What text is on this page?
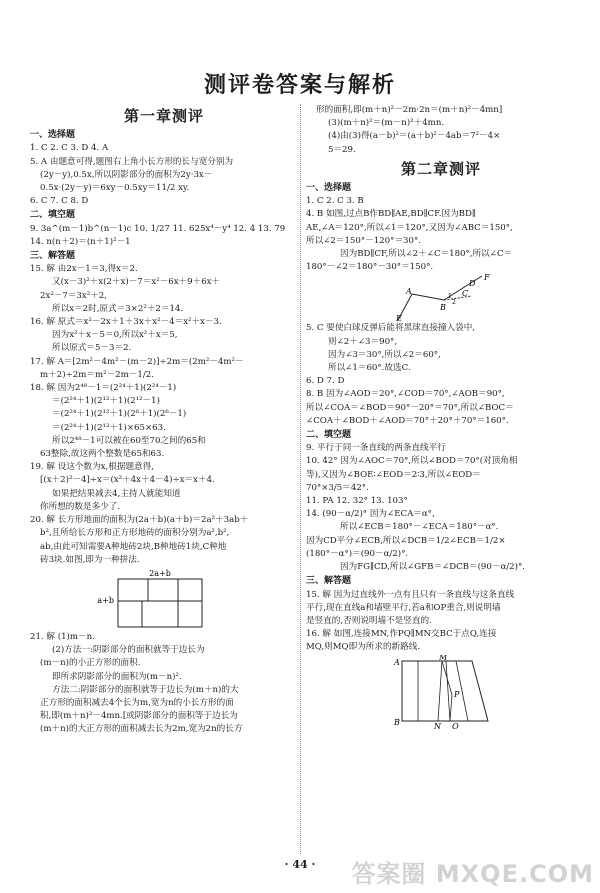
测评卷答案与解析
第一章测评
一、选择题
1. C 2. C 3. D 4. A
5. A 由题意可得,题图右上角小长方形的长与宽分别为
(2y－y),0.5x,所以阴影部分的面积为2y·3x－
0.5x·(2y－y)＝6xy－0.5xy＝11/2 xy.
6. C 7. C 8. D
二、填空题
9. 3a^(m－1)b^(n－1)c 10. 1/27 11. 625x⁴－y⁴ 12. 4 13. 79
14. n(n＋2)＝(n＋1)²－1
三、解答题
15. 解 由2x－1＝3,得x＝2.
又(x－3)²＋x(2＋x)－7＝x²－6x＋9＋6x＋
2x²－7＝3x²＋2,
所以x＝2时,原式＝3×2²＋2＝14.
16. 解 原式＝x²－2x＋1＋3x＋x²－4＝x²＋x－3.
因为x²＋x－5＝0,所以x²＋x＝5,
所以原式＝5－3＝2.
17. 解 A＝[2m²－4m²－(m－2)]÷2m＝(2m²－4m²－
m＋2)÷2m＝m²－2m－1/2.
18. 解 因为2⁴⁸－1＝(2²⁴＋1)(2²⁴－1)
＝(2²⁴＋1)(2¹²＋1)(2¹²－1)
＝(2²⁴＋1)(2¹²＋1)(2⁶＋1)(2⁶－1)
＝(2²⁴＋1)(2¹²＋1)×65×63.
所以2⁴⁸－1可以被在60至70之间的65和
63整除,故这两个整数是65和63.
19. 解 设这个数为x,根据题意得,
[(x＋2)²－4]÷x＝(x²＋4x＋4－4)÷x＝x＋4.
如果把结果减去4,主持人就能知道
你所想的数是多少了.
20. 解 长方形地面的面积为(2a＋b)(a＋b)＝2a²＋3ab＋
b²,且所给长方形和正方形地砖的面积分别为a²,b²,
ab,由此可知需要A种地砖2块,B种地砖1块,C种地
砖3块.如图,即为一种拼法.
2a+b
a+b
21. 解 (1)m－n.
(2)方法一:阴影部分的面积就等于边长为
(m－n)的小正方形的面积.
即所求阴影部分的面积为(m－n)².
方法二:阴影部分的面积就等于边长为(m＋n)的大
正方形的面积减去4个长为m,宽为n的小长方形的面
积,即(m＋n)²－4mn.[或阴影部分的面积等于边长为
(m＋n)的大正方形的面积减去长为2m,宽为2n的长方
形的面积,即(m＋n)²－2m·2n＝(m＋n)²－4mn]
(3)(m＋n)²＝(m－n)²＋4mn.
(4)由(3)得(a－b)²＝(a＋b)²－4ab＝7²－4×
5＝29.
第二章测评
一、选择题
1. C 2. C 3. B
4. B 如图,过点B作BD∥AE,BD∥CF.因为BD∥
AE,∠A＝120°,所以∠1＝120°,又因为∠ABC＝150°,
所以∠2＝150°－120°＝30°.
因为BD∥CF,所以∠2＋∠C＝180°,所以∠C＝
180°－∠2＝180°－30°＝150°.
A
B
C
D
E
F
1
2
5. C 要使白球反弹后能将黑球直接撞入袋中,
则∠2＋∠3＝90°,
因为∠3＝30°,所以∠2＝60°,
所以∠1＝60°.故选C.
6. D 7. D
8. B 因为∠AOD＝20°,∠COD＝70°,∠AOB＝90°,
所以∠COA＝∠BOD＝90°－20°＝70°,所以∠BOC＝
∠COA＋∠BOD＋∠AOD＝70°＋20°＋70°＝160°.
二、填空题
9. 平行于同一条直线的两条直线平行
10. 42° 因为∠AOC＝70°,所以∠BOD＝70°(对顶角相
等),又因为∠BOE∶∠EOD＝2∶3,所以∠EOD＝
70°×3/5＝42°.
11. PA 12. 32° 13. 103°
14. (90－α/2)° 因为∠ECA＝α°,
所以∠ECB＝180°－∠ECA＝180°－α°.
因为CD平分∠ECB,所以∠DCB＝1/2∠ECB＝1/2×
(180°－α°)＝(90－α/2)°.
因为FG∥CD,所以∠GFB＝∠DCB＝(90－α/2)°.
三、解答题
15. 解 因为过直线外一点有且只有一条直线与这条直线
平行,现在直线a和墙壁平行,若a和OP重合,则说明墙
是竖直的,否则说明墙不是竖直的.
16. 解 如图,连接MN,作PQ∥MN交BC于点Q,连接
MQ,则MQ即为所求的新路线.
A
B
M
N
P
Q
· 44 ·	答案圈 MXQE.COM
